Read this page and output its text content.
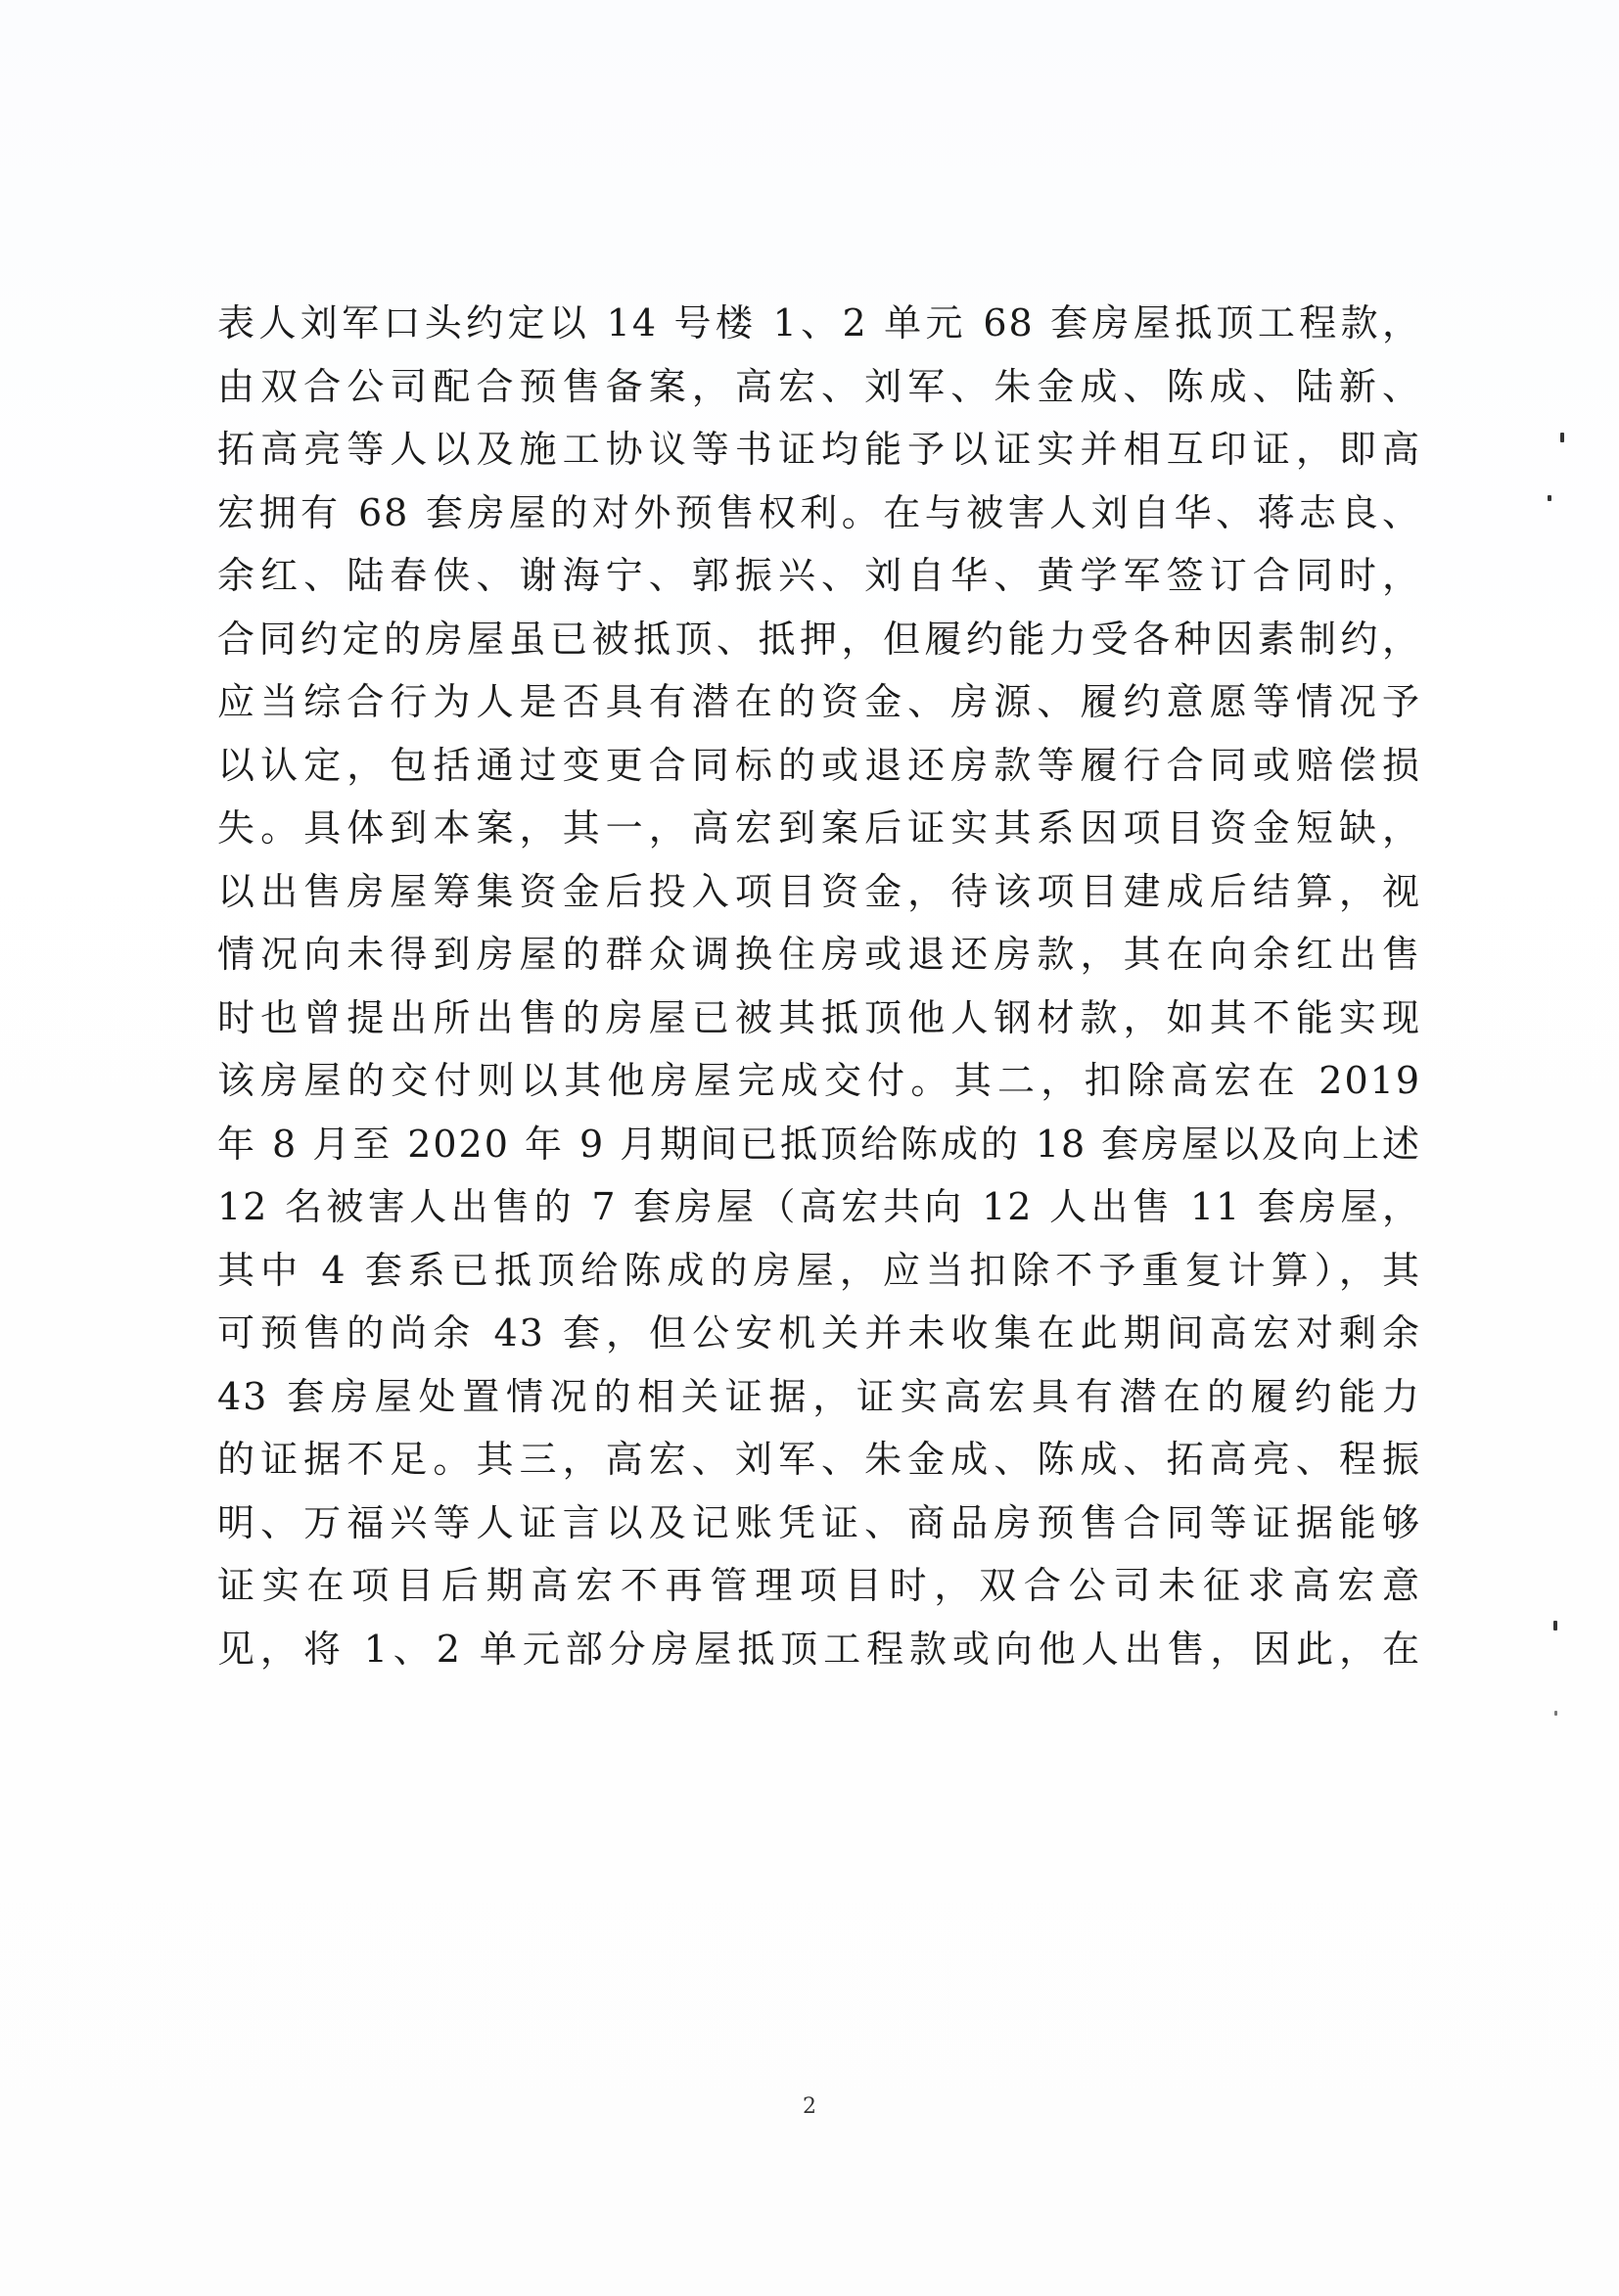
表人刘军口头约定以 14 号楼 1、2 单元 68 套房屋抵顶工程款，
由双合公司配合预售备案，高宏、刘军、朱金成、陈成、陆新、
拓高亮等人以及施工协议等书证均能予以证实并相互印证，即高
宏拥有 68 套房屋的对外预售权利。在与被害人刘自华、蒋志良、
余红、陆春侠、谢海宁、郭振兴、刘自华、黄学军签订合同时，
合同约定的房屋虽已被抵顶、抵押，但履约能力受各种因素制约，
应当综合行为人是否具有潜在的资金、房源、履约意愿等情况予
以认定，包括通过变更合同标的或退还房款等履行合同或赔偿损
失。具体到本案，其一，高宏到案后证实其系因项目资金短缺，
以出售房屋筹集资金后投入项目资金，待该项目建成后结算，视
情况向未得到房屋的群众调换住房或退还房款，其在向余红出售
时也曾提出所出售的房屋已被其抵顶他人钢材款，如其不能实现
该房屋的交付则以其他房屋完成交付。其二，扣除高宏在 2019
年 8 月至 2020 年 9 月期间已抵顶给陈成的 18 套房屋以及向上述
12 名被害人出售的 7 套房屋（高宏共向 12 人出售 11 套房屋，
其中 4 套系已抵顶给陈成的房屋，应当扣除不予重复计算），其
可预售的尚余 43 套，但公安机关并未收集在此期间高宏对剩余
43 套房屋处置情况的相关证据，证实高宏具有潜在的履约能力
的证据不足。其三，高宏、刘军、朱金成、陈成、拓高亮、程振
明、万福兴等人证言以及记账凭证、商品房预售合同等证据能够
证实在项目后期高宏不再管理项目时，双合公司未征求高宏意
见，将 1、2 单元部分房屋抵顶工程款或向他人出售，因此，在
2
